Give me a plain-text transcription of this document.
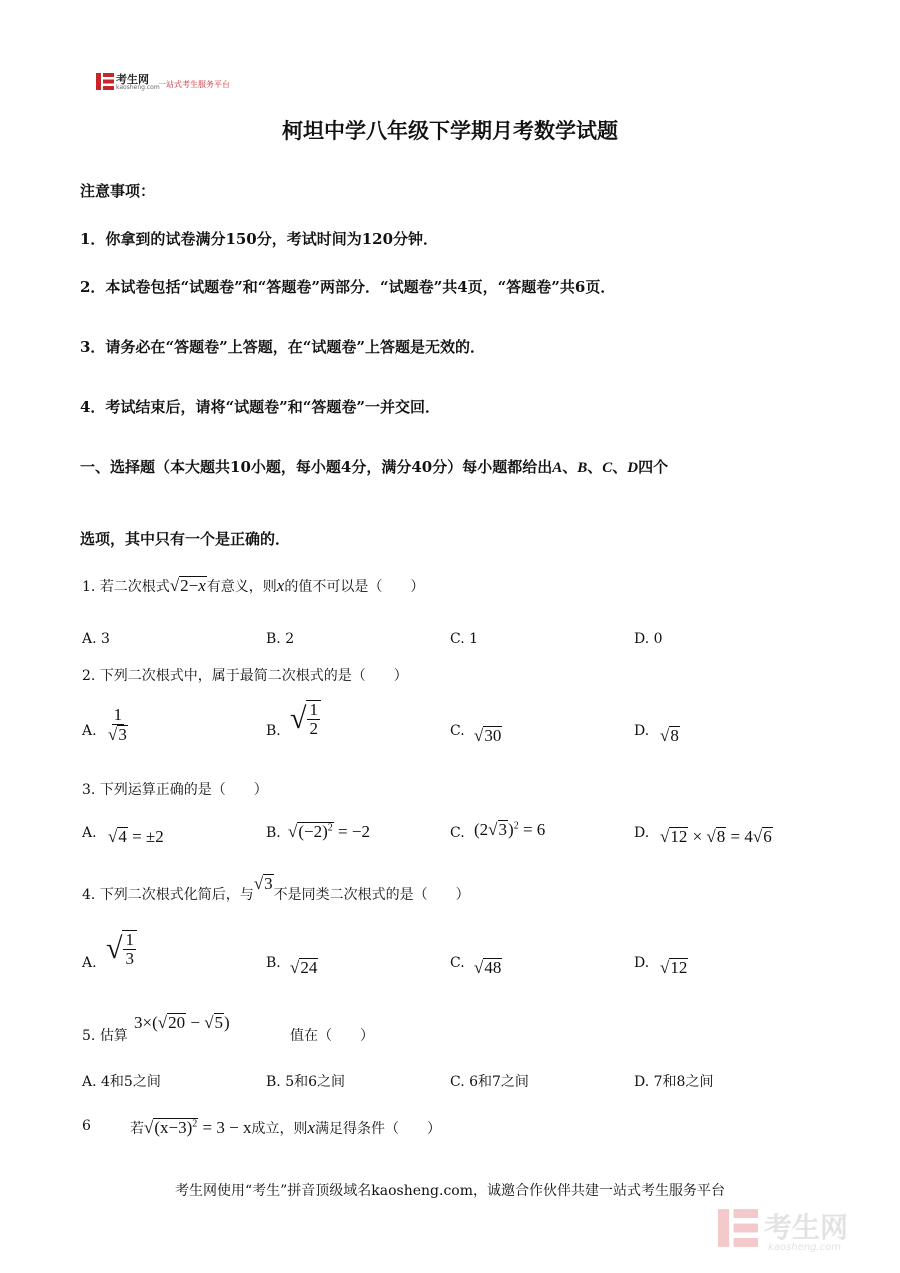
考生网
kaosheng.com
一站式考生服务平台
柯坦中学八年级下学期月考数学试题
注意事项：
1．你拿到的试卷满分150分，考试时间为120分钟．
2．本试卷包括“试题卷”和“答题卷”两部分．“试题卷”共4页，“答题卷”共6页．
3．请务必在“答题卷”上答题，在“试题卷”上答题是无效的．
4．考试结束后，请将“试题卷”和“答题卷”一并交回．
一、选择题（本大题共10小题，每小题4分，满分40分）每小题都给出A、B、C、D四个
选项，其中只有一个是正确的．
1. 若二次根式√2−x有意义，则x的值不可以是（　　）
A. 3	B. 2	C. 1	D. 0
2. 下列二次根式中，属于最简二次根式的是（　　）
A. $\frac{1}{√3}$	B. √ $\frac{1}{2}$	C. √30	D. √8
3. 下列运算正确的是（　　）
A. √4 = ±2	B. $√(-2)^2 = -2$	C. $(2√3)^2 = 6$	D. √12 × √8 = 4√6
4. 下列二次根式化简后，与√3不是同类二次根式的是（　　）
A. √ $\frac{1}{3}$	B. √24	C. √48	D. √12
5. 估算
3×(√20 − √5)
值在（　　）
A. 4和5之间	B. 5和6之间	C. 6和7之间	D. 7和8之间
6	若$√(x-3)^2 = 3 - x$成立，则x满足得条件（　　）
考生网使用“考生”拼音顶级域名kaosheng.com，诚邀合作伙伴共建一站式考生服务平台
考生网
kaosheng.com
